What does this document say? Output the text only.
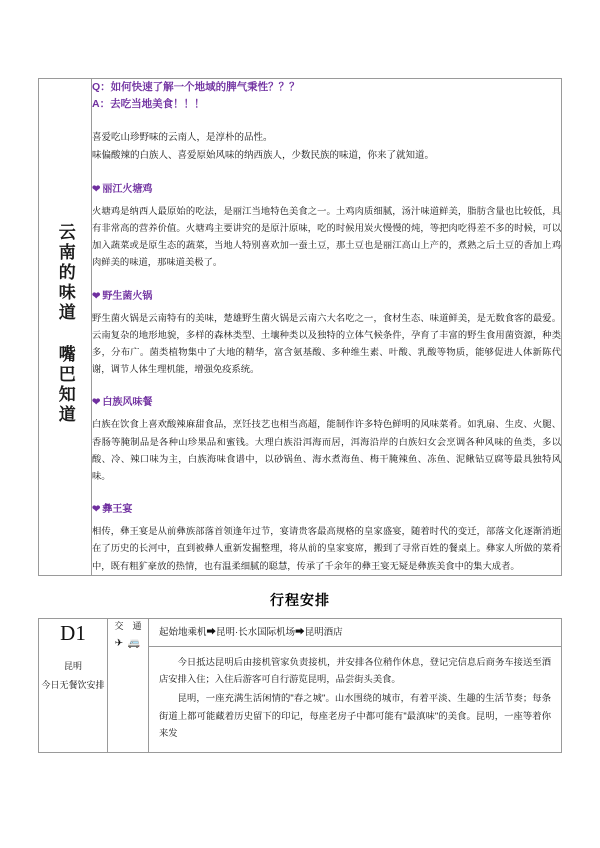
云南的味道 嘴巴知道	

Q：如何快速了解一个地域的脾气秉性？？？

A：去吃当地美食！！！

喜爱吃山珍野味的云南人，是淳朴的品性。

味偏酸辣的白族人、喜爱原始风味的纳西族人，少数民族的味道，你来了就知道。

❤ 丽江火塘鸡

火塘鸡是纳西人最原始的吃法，是丽江当地特色美食之一。土鸡肉质细腻，汤汁味道鲜美，脂肪含量也比较低，具有非常高的营养价值。火塘鸡主要讲究的是原汁原味，吃的时候用炭火慢慢的炖，等把肉吃得差不多的时候，可以加入蔬菜或是原生态的蔬菜，当地人特别喜欢加一蚕土豆，那土豆也是丽江高山上产的，煮熟之后土豆的香加上鸡肉鲜美的味道，那味道美极了。

❤ 野生菌火锅

野生菌火锅是云南特有的美味，楚雄野生菌火锅是云南六大名吃之一，食材生态、味道鲜美，是无数食客的最爱。云南复杂的地形地貌，多样的森林类型、土壤种类以及独特的立体气候条件，孕育了丰富的野生食用菌资源，种类多，分布广。菌类植物集中了大地的精华，富含氨基酸、多种维生素、叶酸、乳酸等物质，能够促进人体新陈代谢，调节人体生理机能，增强免疫系统。

❤ 白族风味餐

白族在饮食上喜欢酸辣麻甜食品，烹饪技艺也相当高超，能制作许多特色鲜明的风味菜肴。如乳扇、生皮、火腿、香肠等腌制品是各种山珍果品和蜜钱。大理白族沿洱海而居，洱海沿岸的白族妇女会烹调各种风味的鱼类，多以酸、冷、辣口味为主，白族海味食谱中，以砂锅鱼、海水煮海鱼、梅干腌辣鱼、冻鱼、泥鳅钻豆腐等最具独特风味。

❤ 彝王宴

相传，彝王宴是从前彝族部落首领逢年过节，宴请贵客最高规格的皇家盛宴，随着时代的变迁，部落文化逐渐消逝在了历史的长河中，直到被彝人重新发掘整理，将从前的皇家宴席，搬到了寻常百姓的餐桌上。彝家人所做的菜肴中，既有粗犷豪放的热情，也有温柔细腻的聪慧，传承了千余年的彝王宴无疑是彝族美食中的集大成者。

行程安排
D1
昆明
今日无餐饮安排

交　通
✈ 🚐

起始地乘机➡昆明·长水国际机场➡昆明酒店

今日抵达昆明后由接机管家负责接机，并安排各位稍作休息，登记完信息后商务车接送至酒店安排入住；入住后游客可自行游览昆明，品尝街头美食。

昆明，一座充满生活闲情的"春之城"。山水围绕的城市，有着平淡、生趣的生活节奏；每条街道上都可能藏着历史留下的印记，每座老房子中都可能有"最滇味"的美食。昆明，一座等着你来发
